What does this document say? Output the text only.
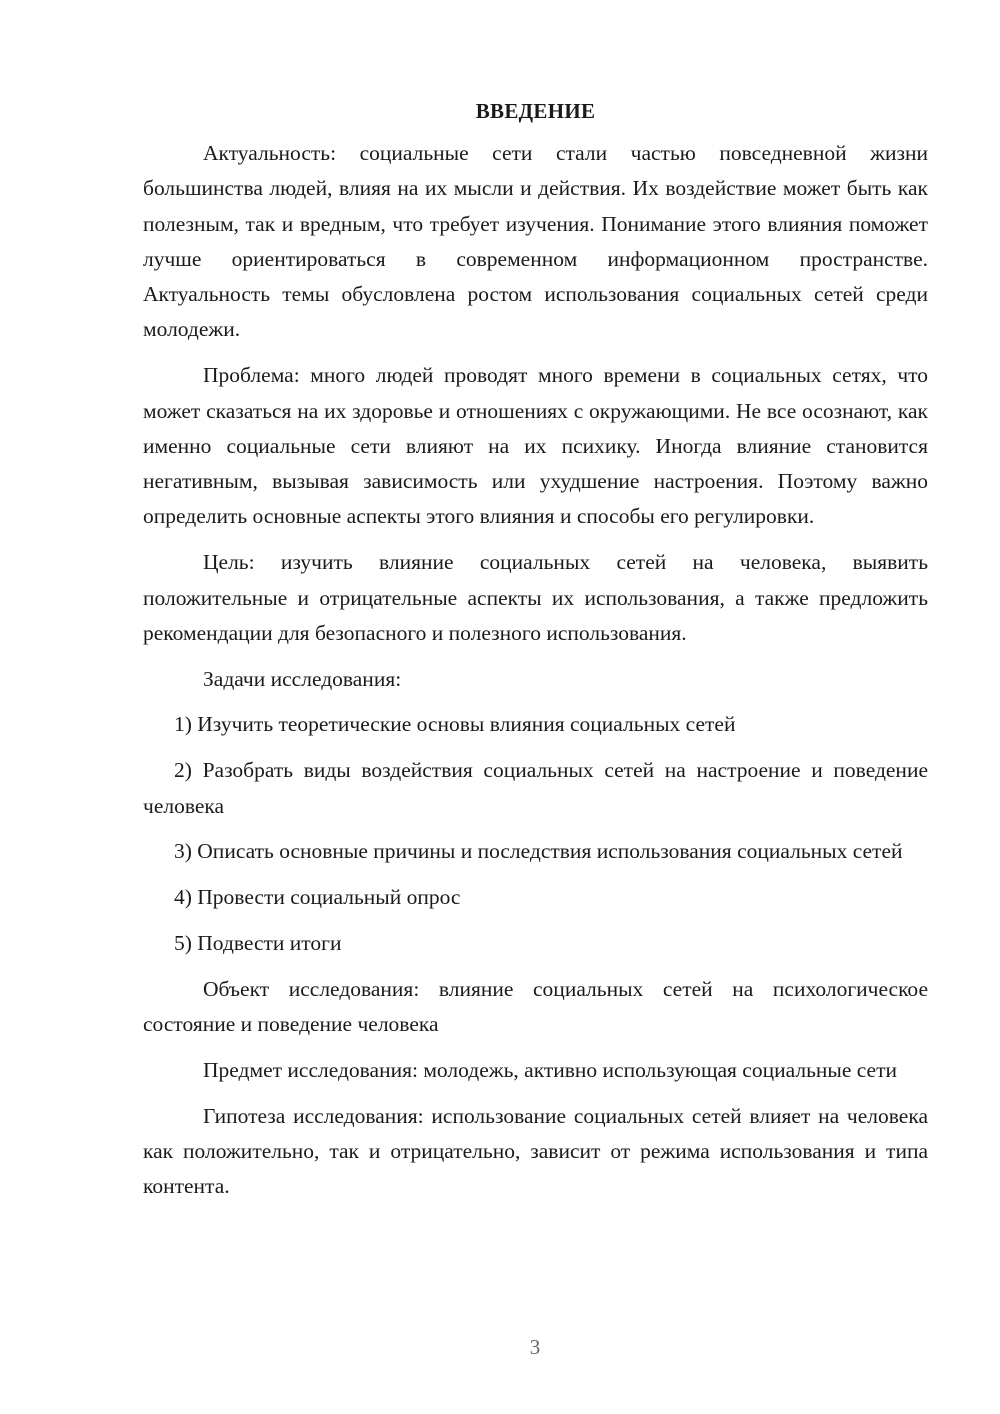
ВВЕДЕНИЕ

Актуальность: социальные сети стали частью повседневной жизни большинства людей, влияя на их мысли и действия. Их воздействие может быть как полезным, так и вредным, что требует изучения. Понимание этого влияния поможет лучше ориентироваться в современном информационном пространстве. Актуальность темы обусловлена ростом использования социальных сетей среди молодежи.

Проблема: много людей проводят много времени в социальных сетях, что может сказаться на их здоровье и отношениях с окружающими. Не все осознают, как именно социальные сети влияют на их психику. Иногда влияние становится негативным, вызывая зависимость или ухудшение настроения. Поэтому важно определить основные аспекты этого влияния и способы его регулировки.

Цель: изучить влияние социальных сетей на человека, выявить положительные и отрицательные аспекты их использования, а также предложить рекомендации для безопасного и полезного использования.

Задачи исследования:

1) Изучить теоретические основы влияния социальных сетей

2) Разобрать виды воздействия социальных сетей на настроение и поведение человека

3) Описать основные причины и последствия использования социальных сетей

4) Провести социальный опрос

5) Подвести итоги

Объект исследования: влияние социальных сетей на психологическое состояние и поведение человека

Предмет исследования: молодежь, активно использующая социальные сети

Гипотеза исследования: использование социальных сетей влияет на человека как положительно, так и отрицательно, зависит от режима использования и типа контента.

3
